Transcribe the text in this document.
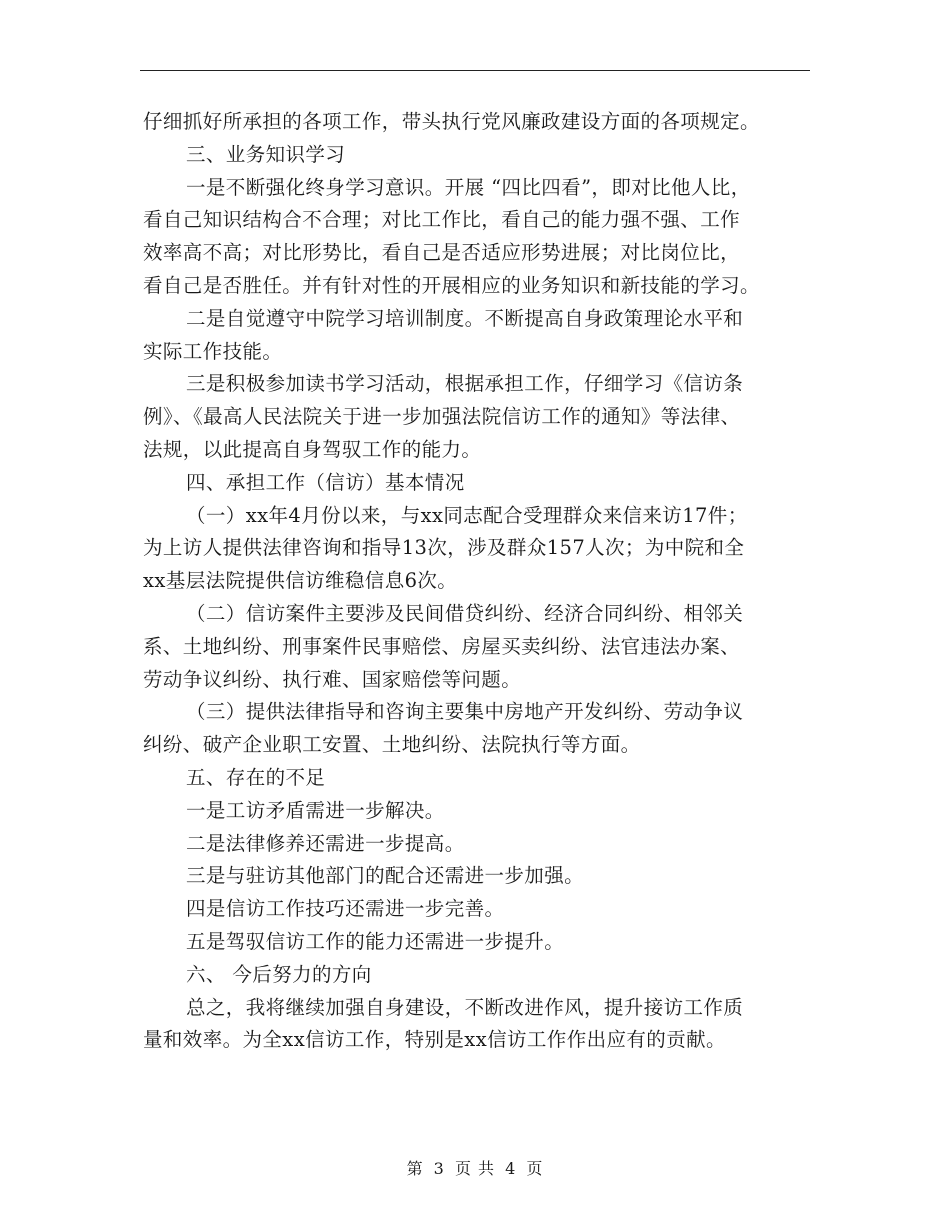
仔细抓好所承担的各项工作，带头执行党风廉政建设方面的各项规定。
三、业务知识学习
一是不断强化终身学习意识。开展 “四比四看”，即对比他人比，
看自己知识结构合不合理；对比工作比，看自己的能力强不强、工作
效率高不高；对比形势比，看自己是否适应形势进展；对比岗位比，
看自己是否胜任。并有针对性的开展相应的业务知识和新技能的学习。
二是自觉遵守中院学习培训制度。不断提高自身政策理论水平和
实际工作技能。
三是积极参加读书学习活动，根据承担工作，仔细学习《信访条
例》、《最高人民法院关于进一步加强法院信访工作的通知》等法律、
法规，以此提高自身驾驭工作的能力。
四、承担工作（信访）基本情况
（一）xx年4月份以来，与xx同志配合受理群众来信来访17件；
为上访人提供法律咨询和指导13次，涉及群众157人次；为中院和全
xx基层法院提供信访维稳信息6次。
（二）信访案件主要涉及民间借贷纠纷、经济合同纠纷、相邻关
系、土地纠纷、刑事案件民事赔偿、房屋买卖纠纷、法官违法办案、
劳动争议纠纷、执行难、国家赔偿等问题。
（三）提供法律指导和咨询主要集中房地产开发纠纷、劳动争议
纠纷、破产企业职工安置、土地纠纷、法院执行等方面。
五、存在的不足
一是工访矛盾需进一步解决。
二是法律修养还需进一步提高。
三是与驻访其他部门的配合还需进一步加强。
四是信访工作技巧还需进一步完善。
五是驾驭信访工作的能力还需进一步提升。
六、 今后努力的方向
总之，我将继续加强自身建设，不断改进作风，提升接访工作质
量和效率。为全xx信访工作，特别是xx信访工作作出应有的贡献。
第 3 页 共 4 页
